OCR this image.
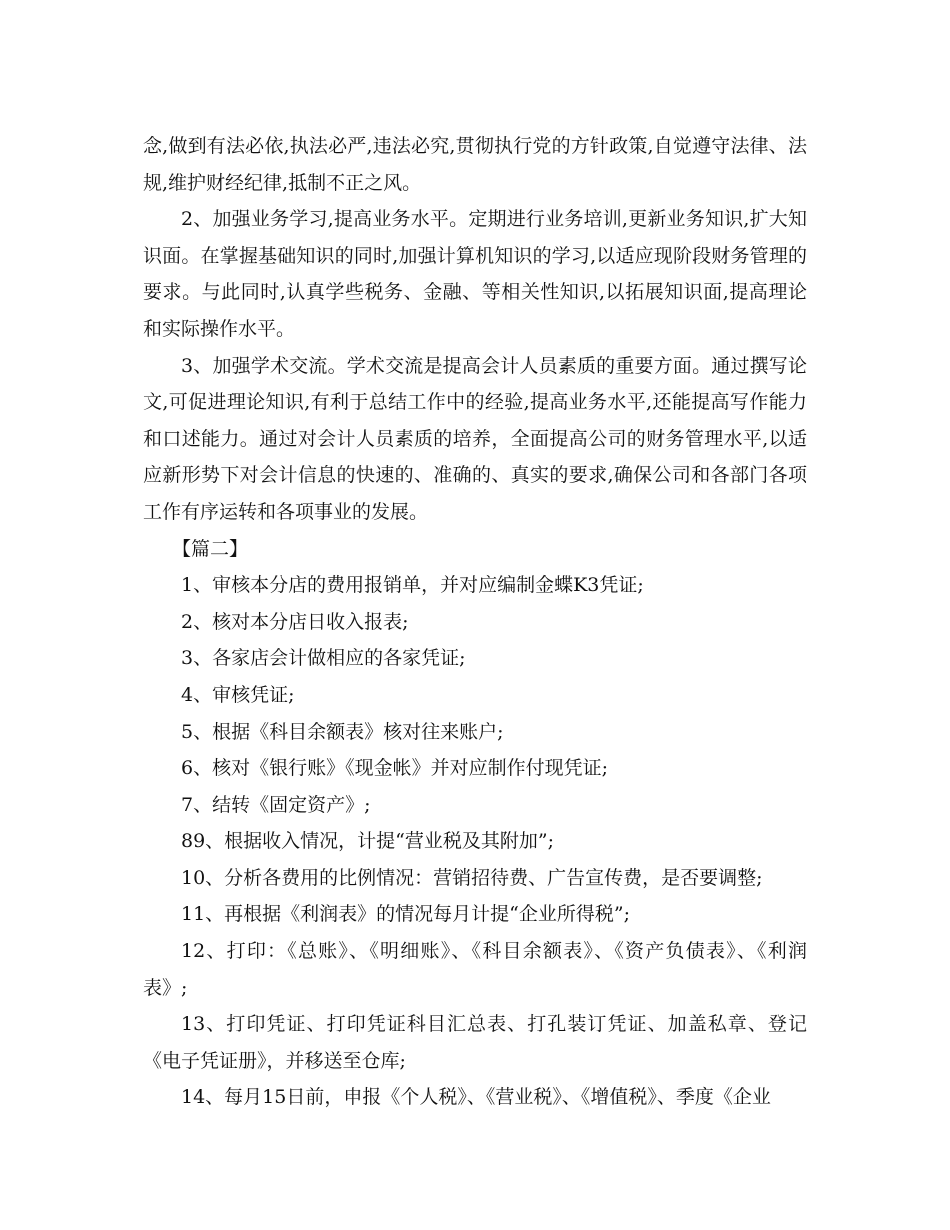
念,做到有法必依,执法必严,违法必究,贯彻执行党的方针政策,自觉遵守法律、法规,维护财经纪律,抵制不正之风。

2、加强业务学习,提高业务水平。定期进行业务培训,更新业务知识,扩大知识面。在掌握基础知识的同时,加强计算机知识的学习,以适应现阶段财务管理的要求。与此同时,认真学些税务、金融、等相关性知识,以拓展知识面,提高理论和实际操作水平。

3、加强学术交流。学术交流是提高会计人员素质的重要方面。通过撰写论文,可促进理论知识,有利于总结工作中的经验,提高业务水平,还能提高写作能力和口述能力。通过对会计人员素质的培养，全面提高公司的财务管理水平,以适应新形势下对会计信息的快速的、准确的、真实的要求,确保公司和各部门各项工作有序运转和各项事业的发展。

【篇二】

1、审核本分店的费用报销单，并对应编制金蝶K3凭证;

2、核对本分店日收入报表;

3、各家店会计做相应的各家凭证;

4、审核凭证;

5、根据《科目余额表》核对往来账户;

6、核对《银行账》《现金帐》并对应制作付现凭证;

7、结转《固定资产》;

89、根据收入情况，计提“营业税及其附加”;

10、分析各费用的比例情况：营销招待费、广告宣传费，是否要调整;

11、再根据《利润表》的情况每月计提“企业所得税”;

12、打印：《总账》、《明细账》、《科目余额表》、《资产负债表》、《利润表》;

13、打印凭证、打印凭证科目汇总表、打孔装订凭证、加盖私章、登记《电子凭证册》，并移送至仓库;

14、每月15日前，申报《个人税》、《营业税》、《增值税》、季度《企业
